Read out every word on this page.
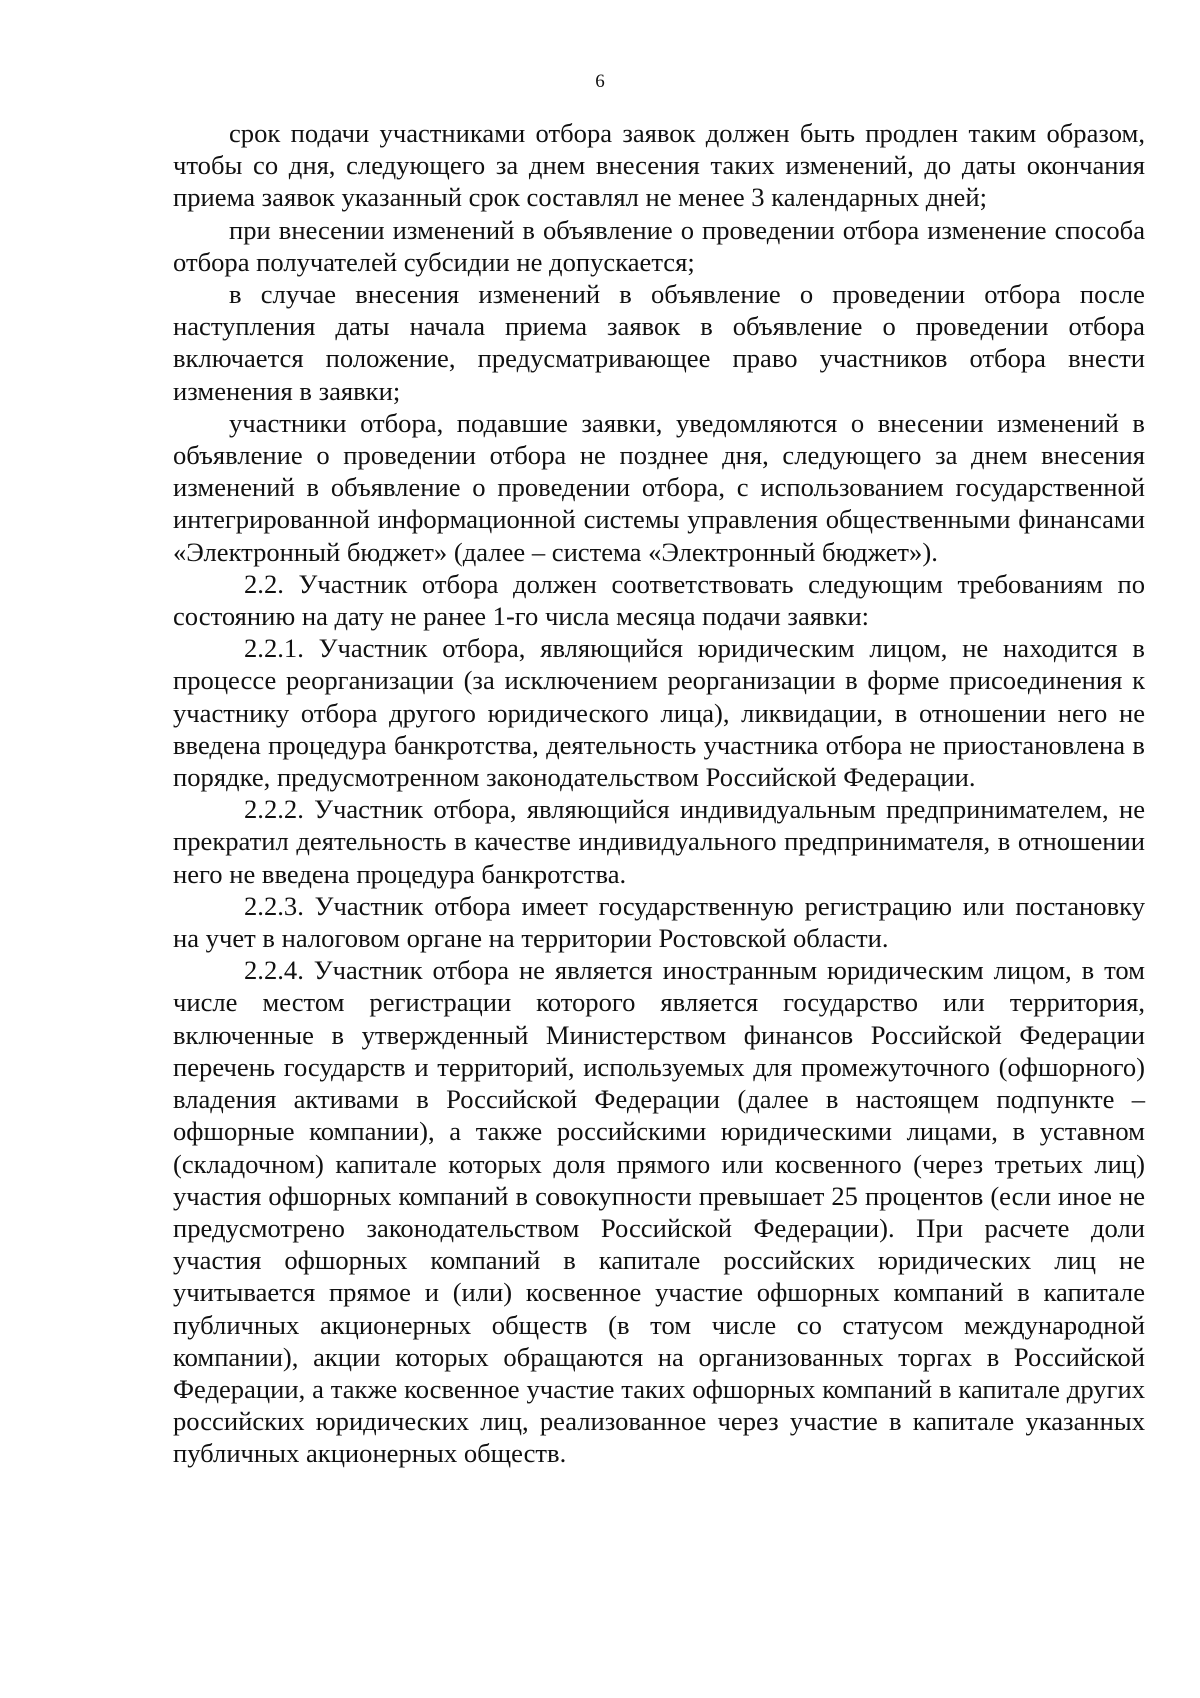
6

срок подачи участниками отбора заявок должен быть продлен таким образом, чтобы со дня, следующего за днем внесения таких изменений, до даты окончания приема заявок указанный срок составлял не менее 3 календарных дней;

при внесении изменений в объявление о проведении отбора изменение способа отбора получателей субсидии не допускается;

в случае внесения изменений в объявление о проведении отбора после наступления даты начала приема заявок в объявление о проведении отбора включается положение, предусматривающее право участников отбора внести изменения в заявки;

участники отбора, подавшие заявки, уведомляются о внесении изменений в объявление о проведении отбора не позднее дня, следующего за днем внесения изменений в объявление о проведении отбора, с использованием государственной интегрированной информационной системы управления общественными финансами «Электронный бюджет» (далее – система «Электронный бюджет»).

2.2. Участник отбора должен соответствовать следующим требованиям по состоянию на дату не ранее 1-го числа месяца подачи заявки:

2.2.1. Участник отбора, являющийся юридическим лицом, не находится в процессе реорганизации (за исключением реорганизации в форме присоединения к участнику отбора другого юридического лица), ликвидации, в отношении него не введена процедура банкротства, деятельность участника отбора не приостановлена в порядке, предусмотренном законодательством Российской Федерации.

2.2.2. Участник отбора, являющийся индивидуальным предпринимателем, не прекратил деятельность в качестве индивидуального предпринимателя, в отношении него не введена процедура банкротства.

2.2.3. Участник отбора имеет государственную регистрацию или постановку на учет в налоговом органе на территории Ростовской области.

2.2.4. Участник отбора не является иностранным юридическим лицом, в том числе местом регистрации которого является государство или территория, включенные в утвержденный Министерством финансов Российской Федерации перечень государств и территорий, используемых для промежуточного (офшорного) владения активами в Российской Федерации (далее в настоящем подпункте – офшорные компании), а также российскими юридическими лицами, в уставном (складочном) капитале которых доля прямого или косвенного (через третьих лиц) участия офшорных компаний в совокупности превышает 25 процентов (если иное не предусмотрено законодательством Российской Федерации). При расчете доли участия офшорных компаний в капитале российских юридических лиц не учитывается прямое и (или) косвенное участие офшорных компаний в капитале публичных акционерных обществ (в том числе со статусом международной компании), акции которых обращаются на организованных торгах в Российской Федерации, а также косвенное участие таких офшорных компаний в капитале других российских юридических лиц, реализованное через участие в капитале указанных публичных акционерных обществ.
